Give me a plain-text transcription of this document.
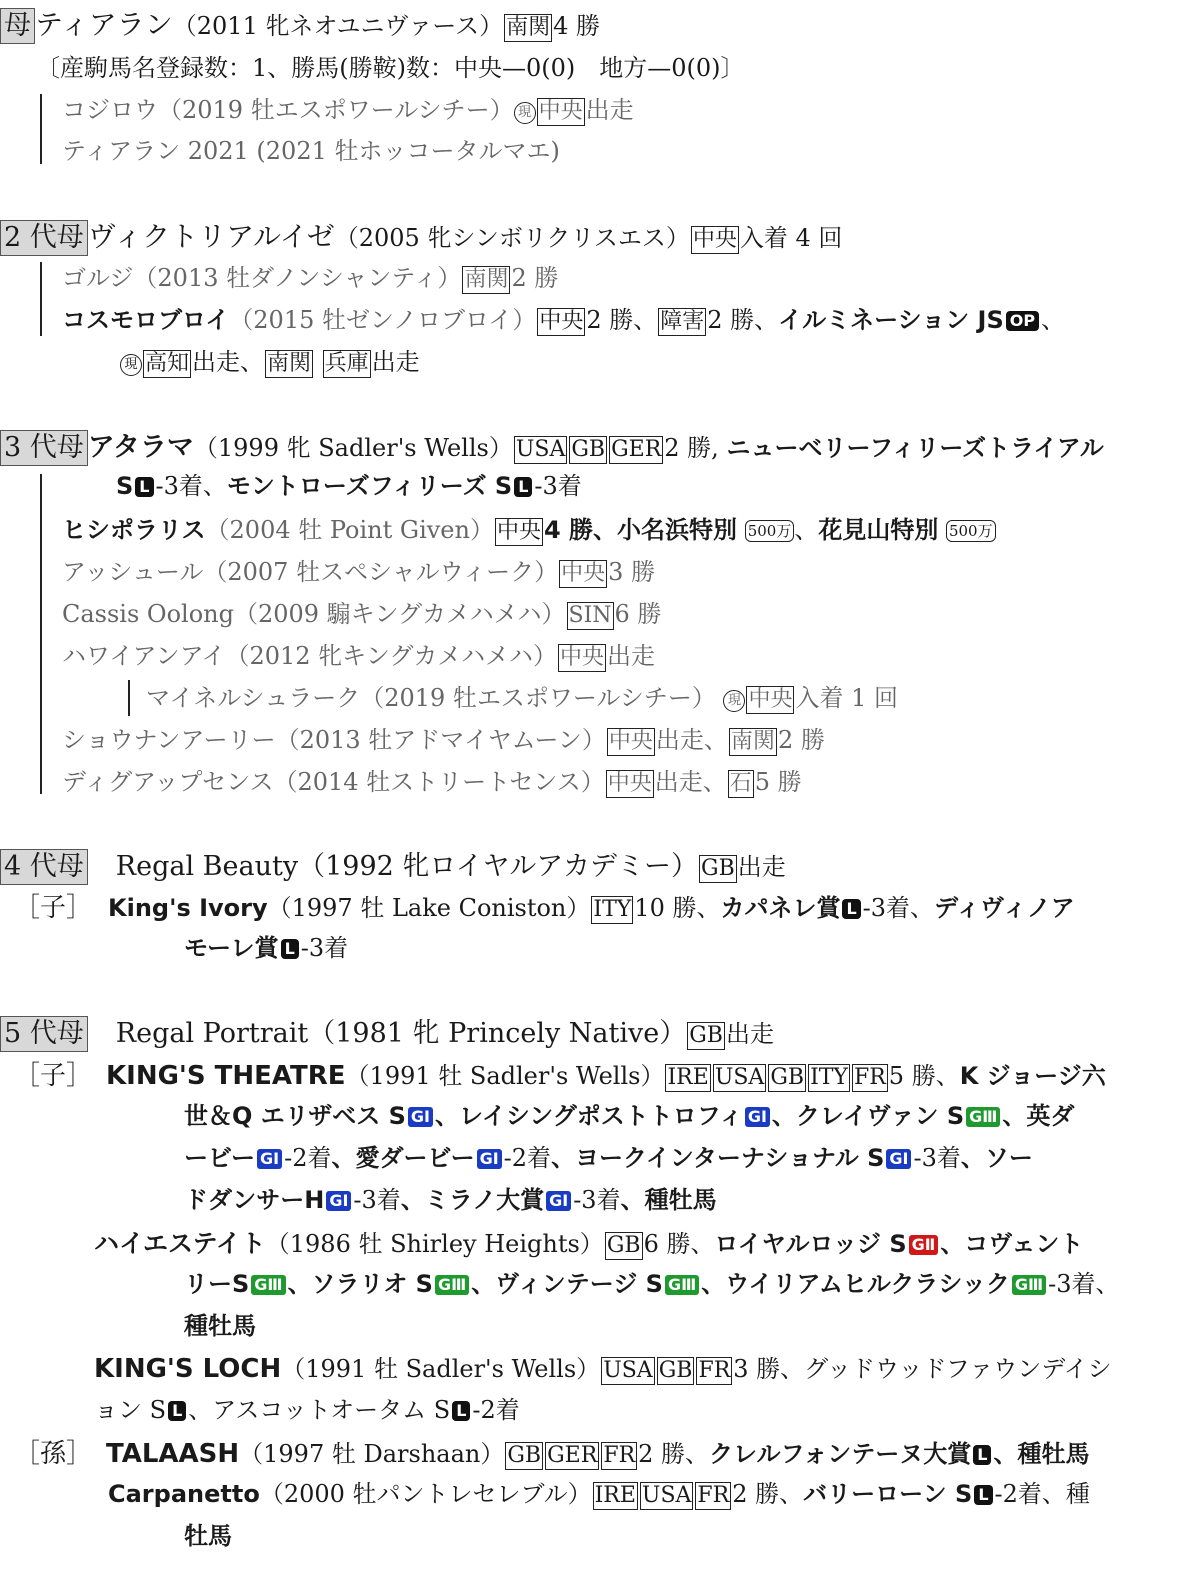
母 ティアラン（2011 牝ネオユニヴァース） 南関 4 勝
〔産駒馬名登録数：1、勝馬(勝鞍)数：中央—0(0)　地方—0(0)〕
コジロウ（2019 牡エスポワールシチー） 現 中央 出走
ティアラン 2021 (2021 牡ホッコータルマエ)
2 代母 ヴィクトリアルイゼ（2005 牝シンボリクリスエス） 中央 入着 4 回
ゴルジ（2013 牡ダノンシャンティ） 南関 2 勝
コスモロブロイ（2015 牡ゼンノロブロイ） 中央 2 勝、 障害 2 勝、イルミネーション JS OP 、
現 高知 出走、 南関 兵庫 出走
3 代母 アタラマ（1999 牝 Sadler's Wells） USA GB GER 2 勝, ニューベリーフィリーズトライアル
S L -3着、モントローズフィリーズ S L -3着
ヒシポラリス（2004 牡 Point Given） 中央 4 勝、小名浜特別 500万 、花見山特別 500万
アッシュール（2007 牡スペシャルウィーク） 中央 3 勝
Cassis Oolong（2009 騸キングカメハメハ） SIN 6 勝
ハワイアンアイ（2012 牝キングカメハメハ） 中央 出走
マイネルシュラーク（2019 牡エスポワールシチー） 現 中央 入着 1 回
ショウナンアーリー（2013 牡アドマイヤムーン） 中央 出走、 南関 2 勝
ディグアップセンス（2014 牡ストリートセンス） 中央 出走、 石 5 勝
4 代母 Regal Beauty（1992 牝ロイヤルアカデミー） GB 出走
［子］ King's Ivory（1997 牡 Lake Coniston） ITY 10 勝、カパネレ賞 L -3着、ディヴィノア
モーレ賞 L -3着
5 代母 Regal Portrait（1981 牝 Princely Native） GB 出走
［子］ KING'S THEATRE（1991 牡 Sadler's Wells） IRE USA GB ITY FR 5 勝、K ジョージ六
世＆Q エリザベス S GⅠ 、レイシングポストトロフィ GⅠ 、クレイヴァン S GⅢ 、英ダ
ービー GⅠ -2着、愛ダービー GⅠ -2着、ヨークインターナショナル S GⅠ -3着、ソー
ドダンサーH GⅠ -3着、ミラノ大賞 GⅠ -3着、種牡馬
ハイエステイト（1986 牡 Shirley Heights） GB 6 勝、ロイヤルロッジ S GⅡ 、コヴェント
リーS GⅢ 、ソラリオ S GⅢ 、ヴィンテージ S GⅢ 、ウイリアムヒルクラシック GⅢ -3着、
種牡馬
KING'S LOCH（1991 牡 Sadler's Wells） USA GB FR 3 勝、グッドウッドファウンデイシ
ョン S L 、アスコットオータム S L -2着
［孫］ TALAASH（1997 牡 Darshaan） GB GER FR 2 勝、クレルフォンテーヌ大賞 L 、種牡馬
Carpanetto（2000 牡パントレセレブル） IRE USA FR 2 勝、バリーローン S L -2着、種
牡馬
